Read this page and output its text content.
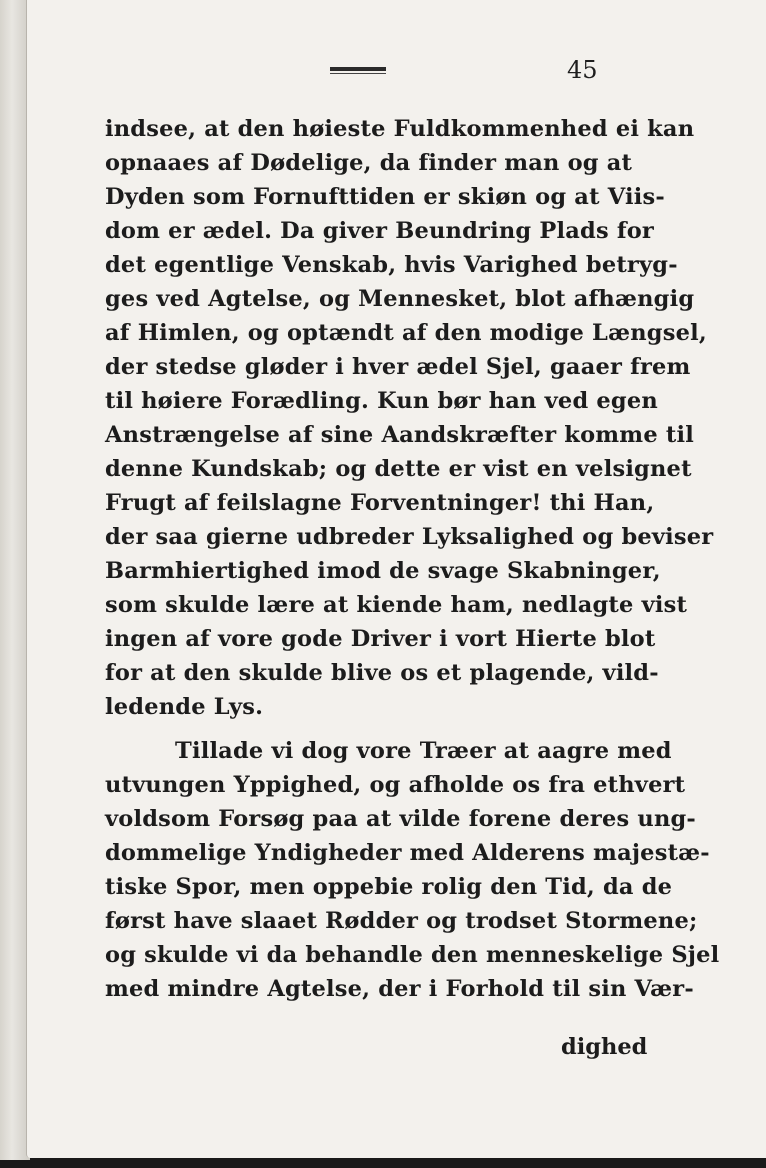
45
indsee, at den høieste Fuldkommenhed ei kan
opnaaes af Dødelige, da finder man og at
Dyden som Fornufttiden er skiøn og at Viis-
dom er ædel. Da giver Beundring Plads for
det egentlige Venskab, hvis Varighed betryg-
ges ved Agtelse, og Mennesket, blot afhængig
af Himlen, og optændt af den modige Længsel,
der stedse gløder i hver ædel Sjel, gaaer frem
til høiere Forædling. Kun bør han ved egen
Anstrængelse af sine Aandskræfter komme til
denne Kundskab; og dette er vist en velsignet
Frugt af feilslagne Forventninger! thi Han,
der saa gierne udbreder Lyksalighed og beviser
Barmhiertighed imod de svage Skabninger,
som skulde lære at kiende ham, nedlagte vist
ingen af vore gode Driver i vort Hierte blot
for at den skulde blive os et plagende, vild-
ledende Lys.
Tillade vi dog vore Træer at aagre med
utvungen Yppighed, og afholde os fra ethvert
voldsom Forsøg paa at vilde forene deres ung-
dommelige Yndigheder med Alderens majestæ-
tiske Spor, men oppebie rolig den Tid, da de
først have slaaet Rødder og trodset Stormene;
og skulde vi da behandle den menneskelige Sjel
med mindre Agtelse, der i Forhold til sin Vær-
dighed
